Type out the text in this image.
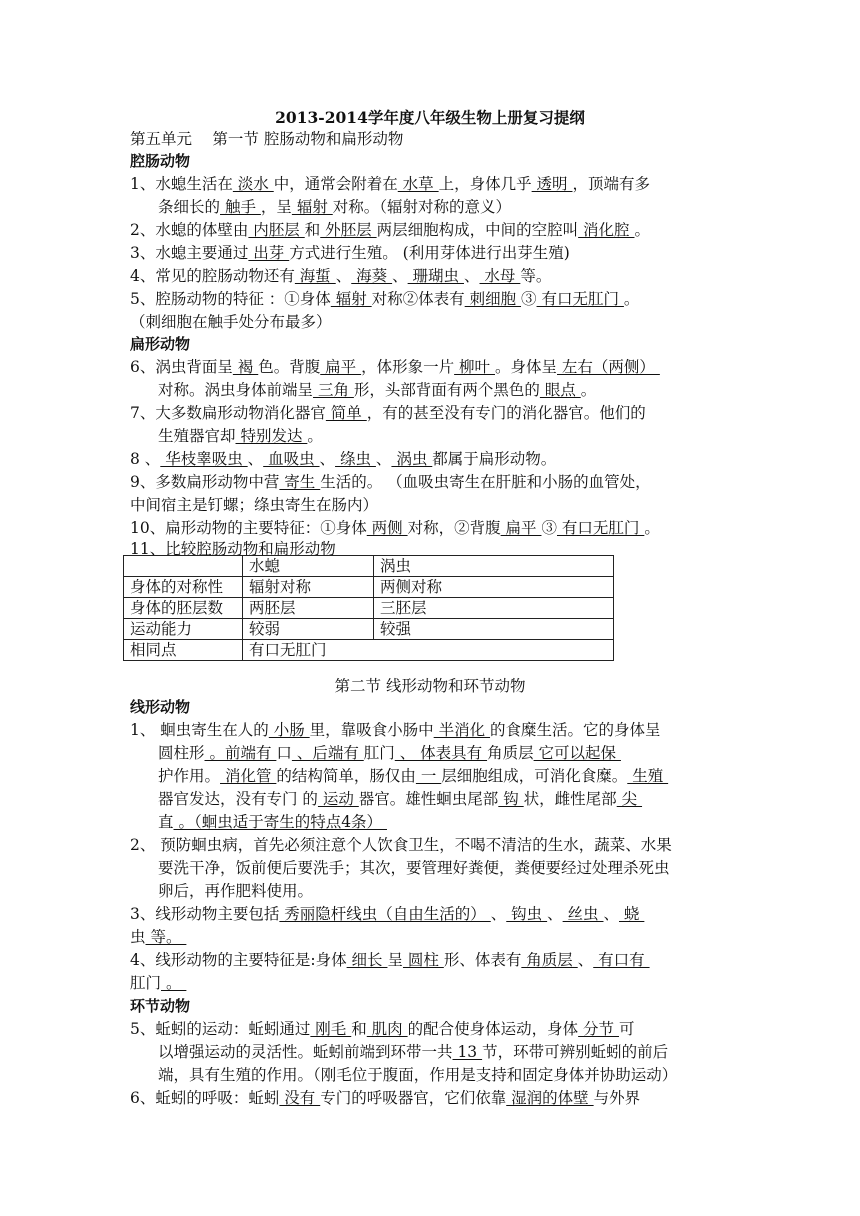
2013-2014学年度八年级生物上册复习提纲
第五单元　 第一节 腔肠动物和扁形动物
腔肠动物
1、水螅生活在 淡水 中，通常会附着在 水草 上，身体几乎 透明 ，顶端有多
条细长的 触手 ，呈 辐射 对称。（辐射对称的意义）
2、水螅的体壁由 内胚层 和 外胚层 两层细胞构成，中间的空腔叫 消化腔 。
3、水螅主要通过 出芽 方式进行生殖。 (利用芽体进行出芽生殖)
4、常见的腔肠动物还有 海蜇 、 海葵 、 珊瑚虫 、 水母 等。
5、腔肠动物的特征 ：①身体 辐射 对称②体表有 刺细胞 ③ 有口无肛门 。
（刺细胞在触手处分布最多）
扁形动物
6、涡虫背面呈 褐 色。背腹 扁平 ，体形象一片 柳叶 。身体呈 左右（两侧）
对称。涡虫身体前端呈 三角 形，头部背面有两个黑色的 眼点 。
7、大多数扁形动物消化器官 简单 ，有的甚至没有专门的消化器官。他们的
生殖器官却 特别发达 。
8 、 华枝睾吸虫 、 血吸虫 、 绦虫 、 涡虫 都属于扁形动物。
9、多数扁形动物中营 寄生 生活的。 （血吸虫寄生在肝脏和小肠的血管处，
中间宿主是钉螺；绦虫寄生在肠内）
10、扁形动物的主要特征：①身体 两侧 对称，②背腹 扁平 ③ 有口无肛门 。
11、比较腔肠动物和扁形动物
	水螅	涡虫
身体的对称性	辐射对称	两侧对称
身体的胚层数	两胚层	三胚层
运动能力	较弱	较强
相同点	有口无肛门	
第二节 线形动物和环节动物
线形动物
1、 蛔虫寄生在人的 小肠 里，靠吸食小肠中 半消化 的食糜生活。它的身体呈
圆柱形 。前端有 口 、后端有 肛门 、 体表具有 角质层 它可以起保
护作用。 消化管 的结构简单，肠仅由 一 层细胞组成，可消化食糜。 生殖
器官发达，没有专门 的 运动 器官。雄性蛔虫尾部 钩 状，雌性尾部 尖
直 。（蛔虫适于寄生的特点4条）
2、 预防蛔虫病，首先必须注意个人饮食卫生，不喝不清洁的生水，蔬菜、水果
要洗干净，饭前便后要洗手；其次，要管理好粪便，粪便要经过处理杀死虫
卵后，再作肥料使用。
3、线形动物主要包括 秀丽隐杆线虫（自由生活的） 、 钩虫 、 丝虫 、 蛲
虫 等。
4、线形动物的主要特征是:身体 细长 呈 圆柱 形、体表有 角质层 、 有口有
肛门 。
环节动物
5、蚯蚓的运动：蚯蚓通过 刚毛 和 肌肉 的配合使身体运动，身体 分节 可
以增强运动的灵活性。蚯蚓前端到环带一共 13 节，环带可辨别蚯蚓的前后
端，具有生殖的作用。（刚毛位于腹面，作用是支持和固定身体并协助运动）
6、蚯蚓的呼吸：蚯蚓 没有 专门的呼吸器官，它们依靠 湿润的体壁 与外界
